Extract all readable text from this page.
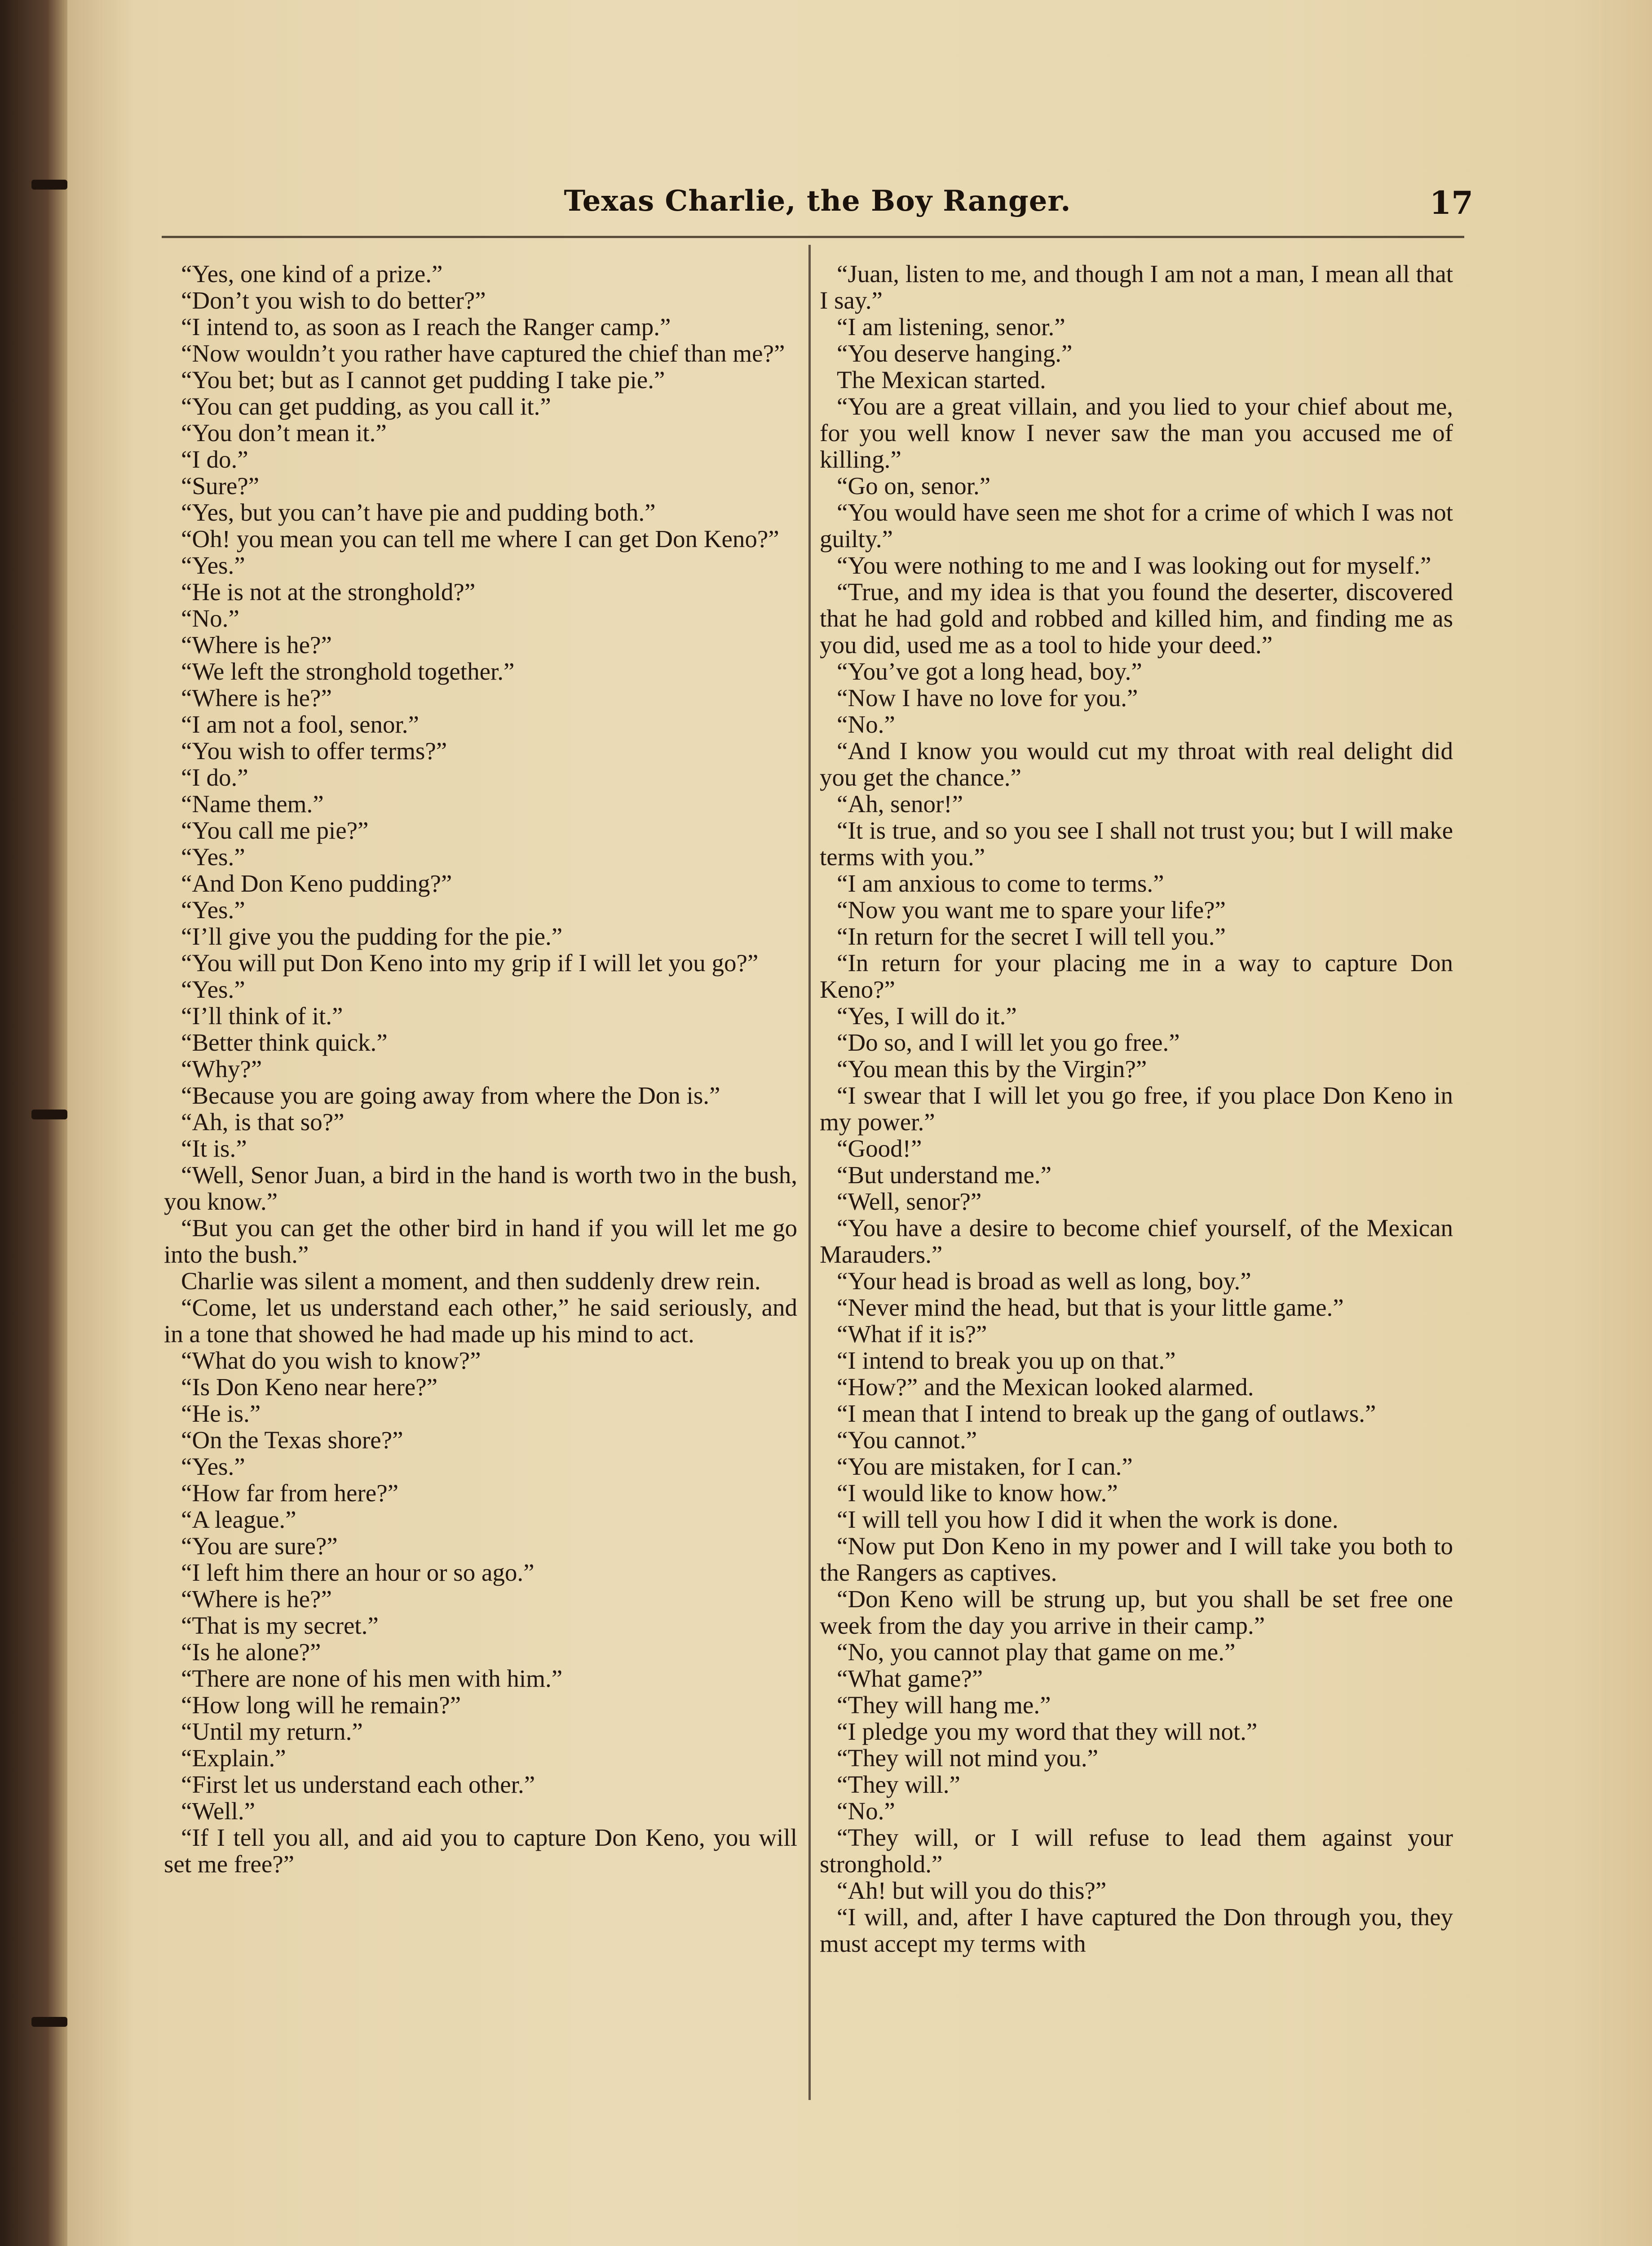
Texas Charlie, the Boy Ranger.	17

“Yes, one kind of a prize.”

“Don’t you wish to do better?”

“I intend to, as soon as I reach the Ranger camp.”

“Now wouldn’t you rather have captured the chief than me?”

“You bet; but as I cannot get pudding I take pie.”

“You can get pudding, as you call it.”

“You don’t mean it.”

“I do.”

“Sure?”

“Yes, but you can’t have pie and pudding both.”

“Oh! you mean you can tell me where I can get Don Keno?”

“Yes.”

“He is not at the stronghold?”

“No.”

“Where is he?”

“We left the stronghold together.”

“Where is he?”

“I am not a fool, senor.”

“You wish to offer terms?”

“I do.”

“Name them.”

“You call me pie?”

“Yes.”

“And Don Keno pudding?”

“Yes.”

“I’ll give you the pudding for the pie.”

“You will put Don Keno into my grip if I will let you go?”

“Yes.”

“I’ll think of it.”

“Better think quick.”

“Why?”

“Because you are going away from where the Don is.”

“Ah, is that so?”

“It is.”

“Well, Senor Juan, a bird in the hand is worth two in the bush, you know.”

“But you can get the other bird in hand if you will let me go into the bush.”

Charlie was silent a moment, and then suddenly drew rein.

“Come, let us understand each other,” he said seriously, and in a tone that showed he had made up his mind to act.

“What do you wish to know?”

“Is Don Keno near here?”

“He is.”

“On the Texas shore?”

“Yes.”

“How far from here?”

“A league.”

“You are sure?”

“I left him there an hour or so ago.”

“Where is he?”

“That is my secret.”

“Is he alone?”

“There are none of his men with him.”

“How long will he remain?”

“Until my return.”

“Explain.”

“First let us understand each other.”

“Well.”

“If I tell you all, and aid you to capture Don Keno, you will set me free?”

“Juan, listen to me, and though I am not a man, I mean all that I say.”

“I am listening, senor.”

“You deserve hanging.”

The Mexican started.

“You are a great villain, and you lied to your chief about me, for you well know I never saw the man you accused me of killing.”

“Go on, senor.”

“You would have seen me shot for a crime of which I was not guilty.”

“You were nothing to me and I was looking out for myself.”

“True, and my idea is that you found the deserter, discovered that he had gold and robbed and killed him, and finding me as you did, used me as a tool to hide your deed.”

“You’ve got a long head, boy.”

“Now I have no love for you.”

“No.”

“And I know you would cut my throat with real delight did you get the chance.”

“Ah, senor!”

“It is true, and so you see I shall not trust you; but I will make terms with you.”

“I am anxious to come to terms.”

“Now you want me to spare your life?”

“In return for the secret I will tell you.”

“In return for your placing me in a way to capture Don Keno?”

“Yes, I will do it.”

“Do so, and I will let you go free.”

“You mean this by the Virgin?”

“I swear that I will let you go free, if you place Don Keno in my power.”

“Good!”

“But understand me.”

“Well, senor?”

“You have a desire to become chief yourself, of the Mexican Marauders.”

“Your head is broad as well as long, boy.”

“Never mind the head, but that is your little game.”

“What if it is?”

“I intend to break you up on that.”

“How?” and the Mexican looked alarmed.

“I mean that I intend to break up the gang of outlaws.”

“You cannot.”

“You are mistaken, for I can.”

“I would like to know how.”

“I will tell you how I did it when the work is done.

“Now put Don Keno in my power and I will take you both to the Rangers as captives.

“Don Keno will be strung up, but you shall be set free one week from the day you arrive in their camp.”

“No, you cannot play that game on me.”

“What game?”

“They will hang me.”

“I pledge you my word that they will not.”

“They will not mind you.”

“They will.”

“No.”

“They will, or I will refuse to lead them against your stronghold.”

“Ah! but will you do this?”

“I will, and, after I have captured the Don through you, they must accept my terms with
